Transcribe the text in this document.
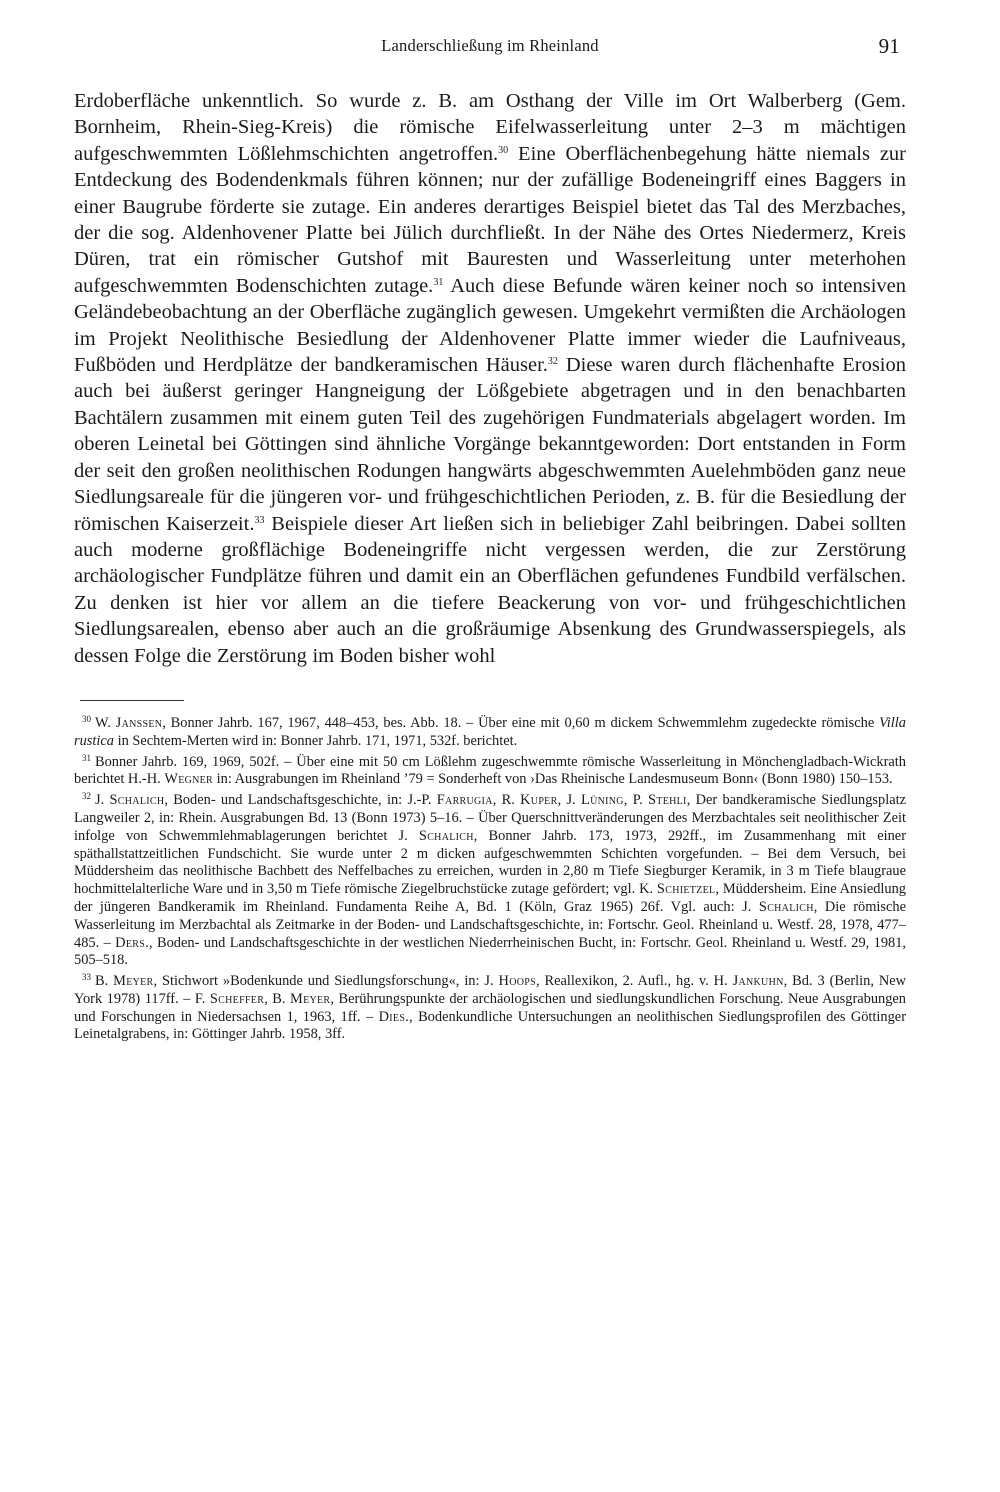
Landerschließung im Rheinland	91

Erdoberfläche unkenntlich. So wurde z. B. am Osthang der Ville im Ort Walberberg (Gem. Bornheim, Rhein-Sieg-Kreis) die römische Eifelwasserleitung unter 2–3 m mächtigen aufgeschwemmten Lößlehmschichten angetroffen.$^{30}$ Eine Oberflächenbegehung hätte niemals zur Entdeckung des Bodendenkmals führen können; nur der zufällige Bodeneingriff eines Baggers in einer Baugrube förderte sie zutage. Ein anderes derartiges Beispiel bietet das Tal des Merzbaches, der die sog. Aldenhovener Platte bei Jülich durchfließt. In der Nähe des Ortes Niedermerz, Kreis Düren, trat ein römischer Gutshof mit Bauresten und Wasserleitung unter meterhohen aufgeschwemmten Bodenschichten zutage.$^{31}$ Auch diese Befunde wären keiner noch so intensiven Geländebeobachtung an der Oberfläche zugänglich gewesen. Umgekehrt vermißten die Archäologen im Projekt Neolithische Besiedlung der Aldenhovener Platte immer wieder die Laufniveaus, Fußböden und Herdplätze der bandkeramischen Häuser.$^{32}$ Diese waren durch flächenhafte Erosion auch bei äußerst geringer Hangneigung der Lößgebiete abgetragen und in den benachbarten Bachtälern zusammen mit einem guten Teil des zugehörigen Fundmaterials abgelagert worden. Im oberen Leinetal bei Göttingen sind ähnliche Vorgänge bekanntgeworden: Dort entstanden in Form der seit den großen neolithischen Rodungen hangwärts abgeschwemmten Auelehmböden ganz neue Siedlungsareale für die jüngeren vor- und frühgeschichtlichen Perioden, z. B. für die Besiedlung der römischen Kaiserzeit.$^{33}$ Beispiele dieser Art ließen sich in beliebiger Zahl beibringen. Dabei sollten auch moderne großflächige Bodeneingriffe nicht vergessen werden, die zur Zerstörung archäologischer Fundplätze führen und damit ein an Oberflächen gefundenes Fundbild verfälschen. Zu denken ist hier vor allem an die tiefere Beackerung von vor- und frühgeschichtlichen Siedlungsarealen, ebenso aber auch an die großräumige Absenkung des Grundwasserspiegels, als dessen Folge die Zerstörung im Boden bisher wohl

$^{30}$ W. Janssen, Bonner Jahrb. 167, 1967, 448–453, bes. Abb. 18. – Über eine mit 0,60 m dickem Schwemmlehm zugedeckte römische Villa rustica in Sechtem-Merten wird in: Bonner Jahrb. 171, 1971, 532f. berichtet.

$^{31}$ Bonner Jahrb. 169, 1969, 502f. – Über eine mit 50 cm Lößlehm zugeschwemmte römische Wasserleitung in Mönchengladbach-Wickrath berichtet H.-H. Wegner in: Ausgrabungen im Rheinland ’79 = Sonderheft von ›Das Rheinische Landesmuseum Bonn‹ (Bonn 1980) 150–153.

$^{32}$ J. Schalich, Boden- und Landschaftsgeschichte, in: J.-P. Farrugia, R. Kuper, J. Lüning, P. Stehli, Der bandkeramische Siedlungsplatz Langweiler 2, in: Rhein. Ausgrabungen Bd. 13 (Bonn 1973) 5–16. – Über Querschnittveränderungen des Merzbachtales seit neolithischer Zeit infolge von Schwemmlehmablagerungen berichtet J. Schalich, Bonner Jahrb. 173, 1973, 292ff., im Zusammenhang mit einer späthallstattzeitlichen Fundschicht. Sie wurde unter 2 m dicken aufgeschwemmten Schichten vorgefunden. – Bei dem Versuch, bei Müddersheim das neolithische Bachbett des Neffelbaches zu erreichen, wurden in 2,80 m Tiefe Siegburger Keramik, in 3 m Tiefe blaugraue hochmittelalterliche Ware und in 3,50 m Tiefe römische Ziegelbruchstücke zutage gefördert; vgl. K. Schietzel, Müddersheim. Eine Ansiedlung der jüngeren Bandkeramik im Rheinland. Fundamenta Reihe A, Bd. 1 (Köln, Graz 1965) 26f. Vgl. auch: J. Schalich, Die römische Wasserleitung im Merzbachtal als Zeitmarke in der Boden- und Landschaftsgeschichte, in: Fortschr. Geol. Rheinland u. Westf. 28, 1978, 477–485. – Ders., Boden- und Landschaftsgeschichte in der westlichen Niederrheinischen Bucht, in: Fortschr. Geol. Rheinland u. Westf. 29, 1981, 505–518.

$^{33}$ B. Meyer, Stichwort »Bodenkunde und Siedlungsforschung«, in: J. Hoops, Reallexikon, 2. Aufl., hg. v. H. Jankuhn, Bd. 3 (Berlin, New York 1978) 117ff. – F. Scheffer, B. Meyer, Berührungspunkte der archäologischen und siedlungskundlichen Forschung. Neue Ausgrabungen und Forschungen in Niedersachsen 1, 1963, 1ff. – Dies., Bodenkundliche Untersuchungen an neolithischen Siedlungsprofilen des Göttinger Leinetalgrabens, in: Göttinger Jahrb. 1958, 3ff.
